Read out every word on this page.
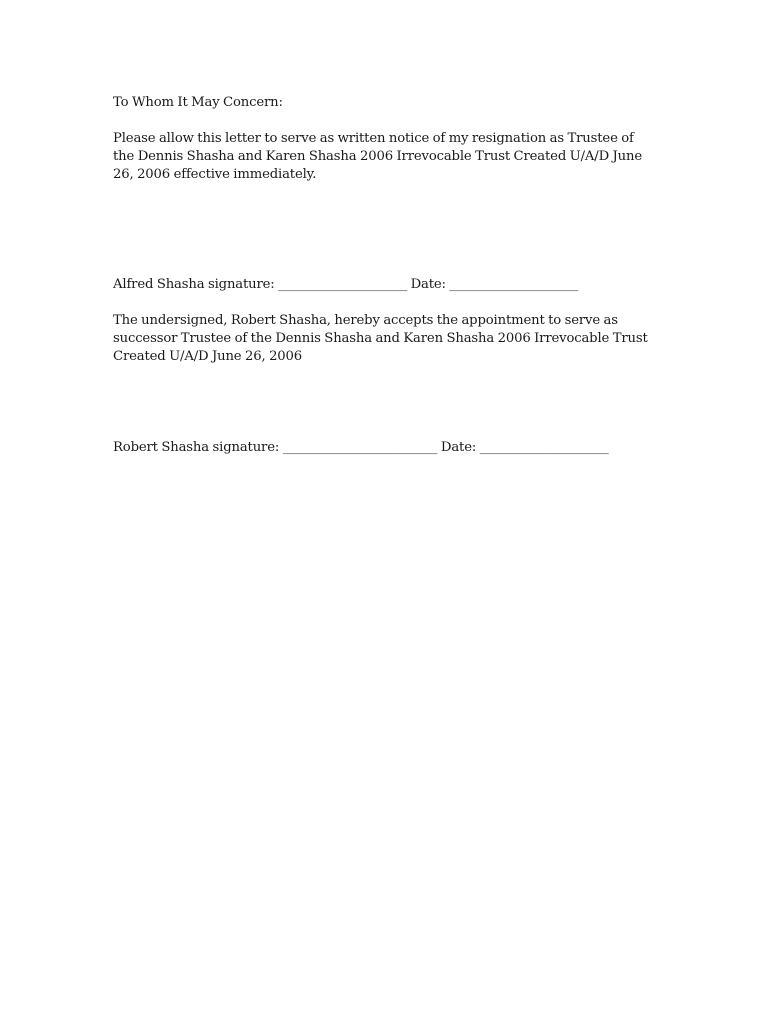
To Whom It May Concern:
Please allow this letter to serve as written notice of my resignation as Trustee of the Dennis Shasha and Karen Shasha 2006 Irrevocable Trust Created U/A/D June 26, 2006 effective immediately.
Alfred Shasha signature: ____________________ Date: ____________________
The undersigned, Robert Shasha, hereby accepts the appointment to serve as successor Trustee of the Dennis Shasha and Karen Shasha 2006 Irrevocable Trust Created U/A/D June 26, 2006
Robert Shasha signature: ________________________ Date: ____________________
